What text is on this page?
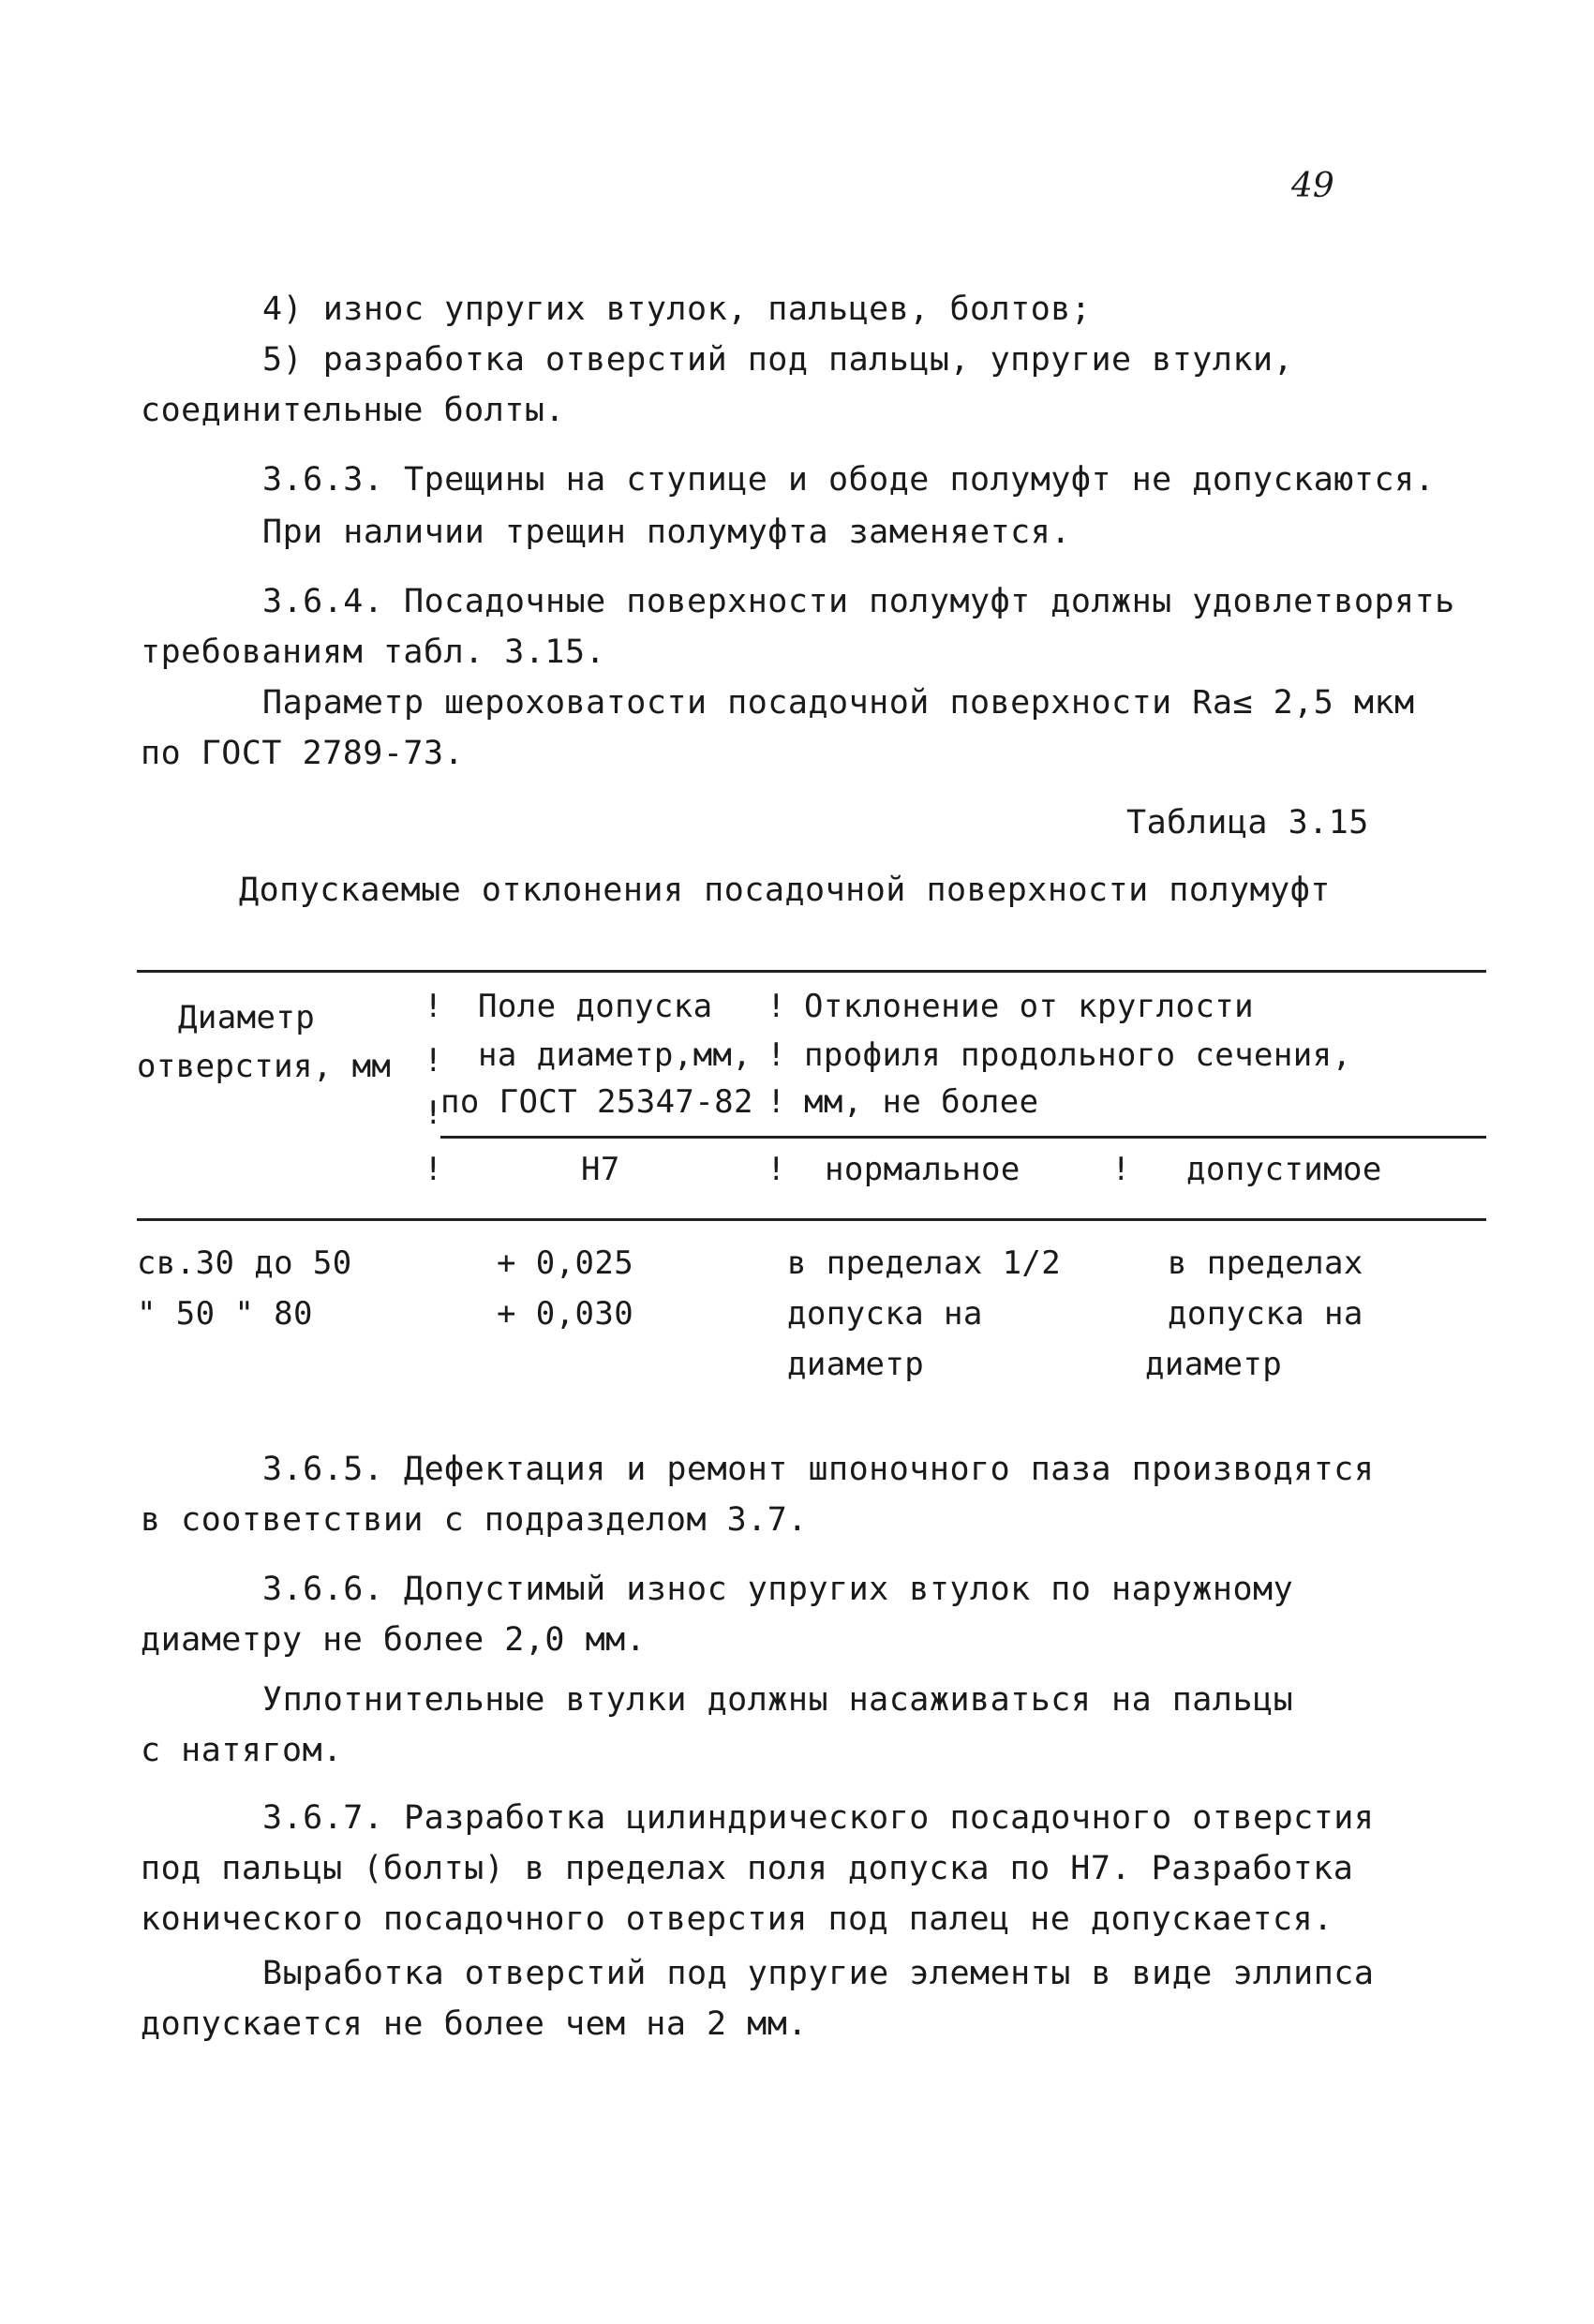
49
4) износ упругих втулок, пальцев, болтов;
5) разработка отверстий под пальцы, упругие втулки,
соединительные болты.
3.6.3. Трещины на ступице и ободе полумуфт не допускаются.
При наличии трещин полумуфта заменяется.
3.6.4. Посадочные поверхности полумуфт должны удовлетворять
требованиям табл. 3.15.
Параметр шероховатости посадочной поверхности Ra≤ 2,5 мкм
по ГОСТ 2789-73.
Таблица 3.15
Допускаемые отклонения посадочной поверхности полумуфт
Диаметр
отверстия, мм
!
!
!
!
Поле допуска
на диаметр,мм,
по ГОСТ 25347-82
!
!
!
Отклонение от круглости
профиля продольного сечения,
мм, не более
Н7	! нормальное	! допустимое
св.30 до 50
" 50 " 80
+ 0,025
+ 0,030
в пределах 1/2
допуска на
диаметр
в пределах
допуска на
диаметр
3.6.5. Дефектация и ремонт шпоночного паза производятся
в соответствии с подразделом 3.7.
3.6.6. Допустимый износ упругих втулок по наружному
диаметру не более 2,0 мм.
Уплотнительные втулки должны насаживаться на пальцы
с натягом.
3.6.7. Разработка цилиндрического посадочного отверстия
под пальцы (болты) в пределах поля допуска по Н7. Разработка
конического посадочного отверстия под палец не допускается.
Выработка отверстий под упругие элементы в виде эллипса
допускается не более чем на 2 мм.
